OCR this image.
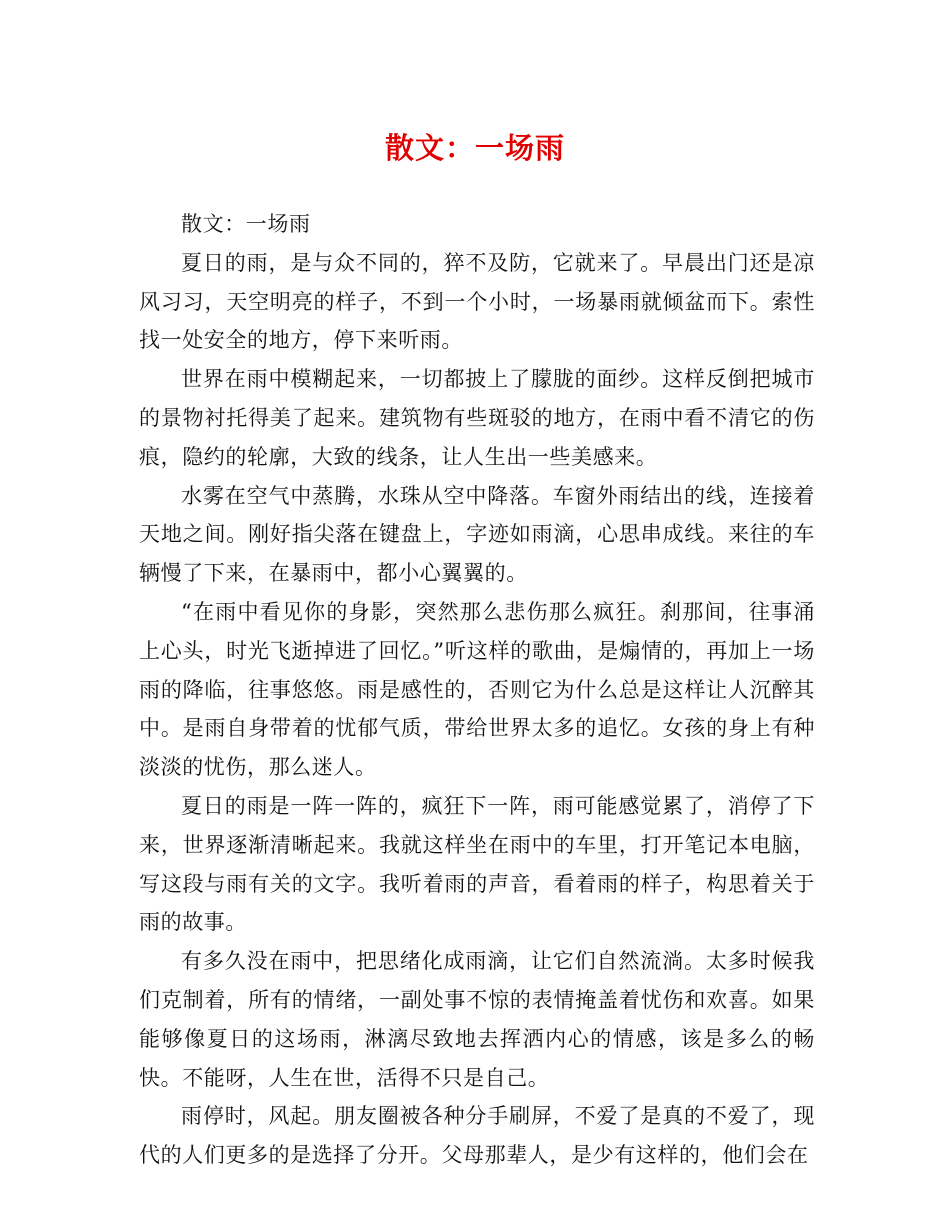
散文：一场雨

散文：一场雨

夏日的雨，是与众不同的，猝不及防，它就来了。早晨出门还是凉风习习，天空明亮的样子，不到一个小时，一场暴雨就倾盆而下。索性找一处安全的地方，停下来听雨。

世界在雨中模糊起来，一切都披上了朦胧的面纱。这样反倒把城市的景物衬托得美了起来。建筑物有些斑驳的地方，在雨中看不清它的伤痕，隐约的轮廓，大致的线条，让人生出一些美感来。

水雾在空气中蒸腾，水珠从空中降落。车窗外雨结出的线，连接着天地之间。刚好指尖落在键盘上，字迹如雨滴，心思串成线。来往的车辆慢了下来，在暴雨中，都小心翼翼的。

“在雨中看见你的身影，突然那么悲伤那么疯狂。刹那间，往事涌上心头，时光飞逝掉进了回忆。”听这样的歌曲，是煽情的，再加上一场雨的降临，往事悠悠。雨是感性的，否则它为什么总是这样让人沉醉其中。是雨自身带着的忧郁气质，带给世界太多的追忆。女孩的身上有种淡淡的忧伤，那么迷人。

夏日的雨是一阵一阵的，疯狂下一阵，雨可能感觉累了，消停了下来，世界逐渐清晰起来。我就这样坐在雨中的车里，打开笔记本电脑，写这段与雨有关的文字。我听着雨的声音，看着雨的样子，构思着关于雨的故事。

有多久没在雨中，把思绪化成雨滴，让它们自然流淌。太多时候我们克制着，所有的情绪，一副处事不惊的表情掩盖着忧伤和欢喜。如果能够像夏日的这场雨，淋漓尽致地去挥洒内心的情感，该是多么的畅快。不能呀，人生在世，活得不只是自己。

雨停时，风起。朋友圈被各种分手刷屏，不爱了是真的不爱了，现代的人们更多的是选择了分开。父母那辈人，是少有这样的，他们会在
